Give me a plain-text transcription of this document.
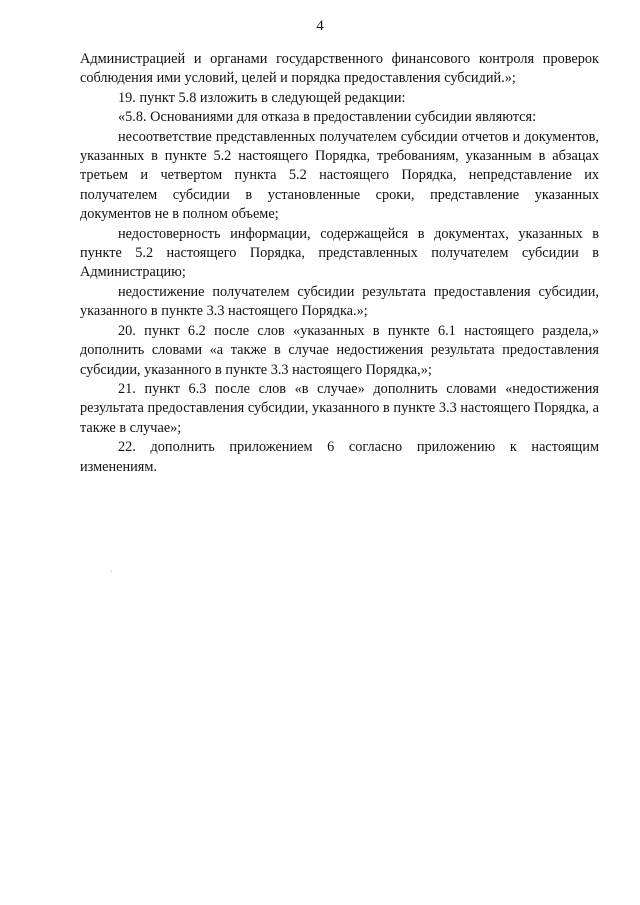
4

Администрацией и органами государственного финансового контроля проверок соблюдения ими условий, целей и порядка предоставления субсидий.»;

19. пункт 5.8 изложить в следующей редакции:

«5.8. Основаниями для отказа в предоставлении субсидии являются:

несоответствие представленных получателем субсидии отчетов и документов, указанных в пункте 5.2 настоящего Порядка, требованиям, указанным в абзацах третьем и четвертом пункта 5.2 настоящего Порядка, непредставление их получателем субсидии в установленные сроки, представление указанных документов не в полном объеме;

недостоверность информации, содержащейся в документах, указанных в пункте 5.2 настоящего Порядка, представленных получателем субсидии в Администрацию;

недостижение получателем субсидии результата предоставления субсидии, указанного в пункте 3.3 настоящего Порядка.»;

20. пункт 6.2 после слов «указанных в пункте 6.1 настоящего раздела,» дополнить словами «а также в случае недостижения результата предоставления субсидии, указанного в пункте 3.3 настоящего Порядка,»;

21. пункт 6.3 после слов «в случае» дополнить словами «недостижения результата предоставления субсидии, указанного в пункте 3.3 настоящего Порядка, а также в случае»;

22. дополнить приложением 6 согласно приложению к настоящим изменениям.
